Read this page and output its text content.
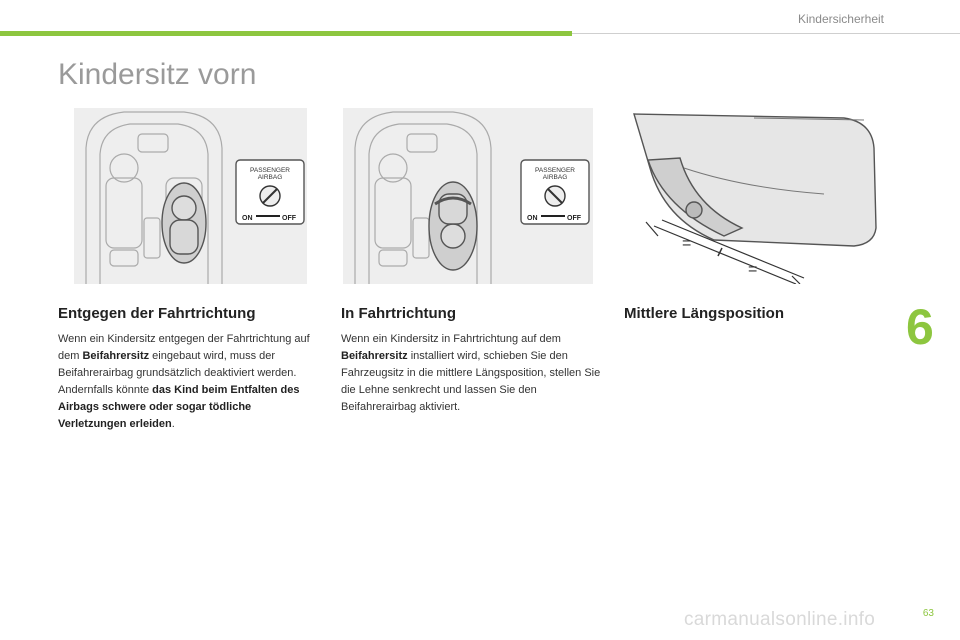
Kindersicherheit
Kindersitz vorn
PASSENGER
AIRBAG
ON	OFF
PASSENGER
AIRBAG
ON	OFF
=
=
Entgegen der Fahrtrichtung

Wenn ein Kindersitz entgegen der Fahrtrichtung auf dem Beifahrersitz eingebaut wird, muss der Beifahrerairbag grundsätzlich deaktiviert werden. Andernfalls könnte das Kind beim Entfalten des Airbags schwere oder sogar tödliche Verletzungen erleiden.

In Fahrtrichtung

Wenn ein Kindersitz in Fahrtrichtung auf dem Beifahrersitz installiert wird, schieben Sie den Fahrzeugsitz in die mittlere Längsposition, stellen Sie die Lehne senkrecht und lassen Sie den Beifahrerairbag aktiviert.

Mittlere Längsposition 6
63
carmanualsonline.info
